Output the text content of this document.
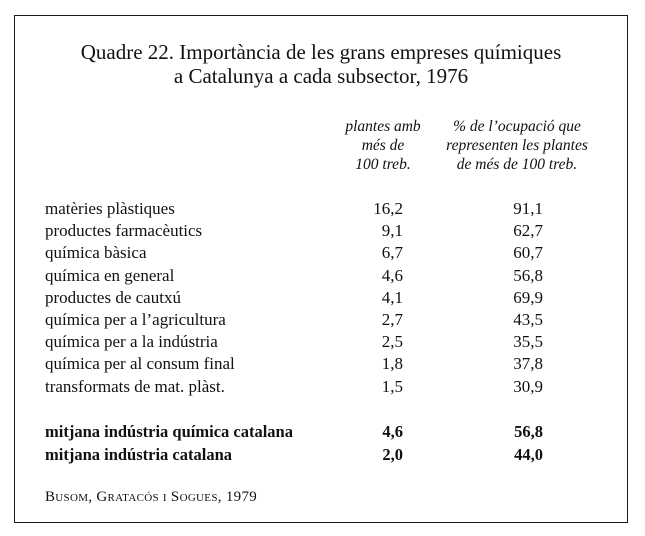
Quadre 22. Importància de les grans empreses químiques
a Catalunya a cada subsector, 1976
plantes amb
més de
100 treb.
% de l’ocupació que
representen les plantes
de més de 100 treb.
matèries plàstiques	16,2	91,1
productes farmacèutics	9,1	62,7
química bàsica	6,7	60,7
química en general	4,6	56,8
productes de cautxú	4,1	69,9
química per a l’agricultura	2,7	43,5
química per a la indústria	2,5	35,5
química per al consum final	1,8	37,8
transformats de mat. plàst.	1,5	30,9
mitjana indústria química catalana	4,6	56,8
mitjana indústria catalana	2,0	44,0
Busom, Gratacós i Sogues, 1979
